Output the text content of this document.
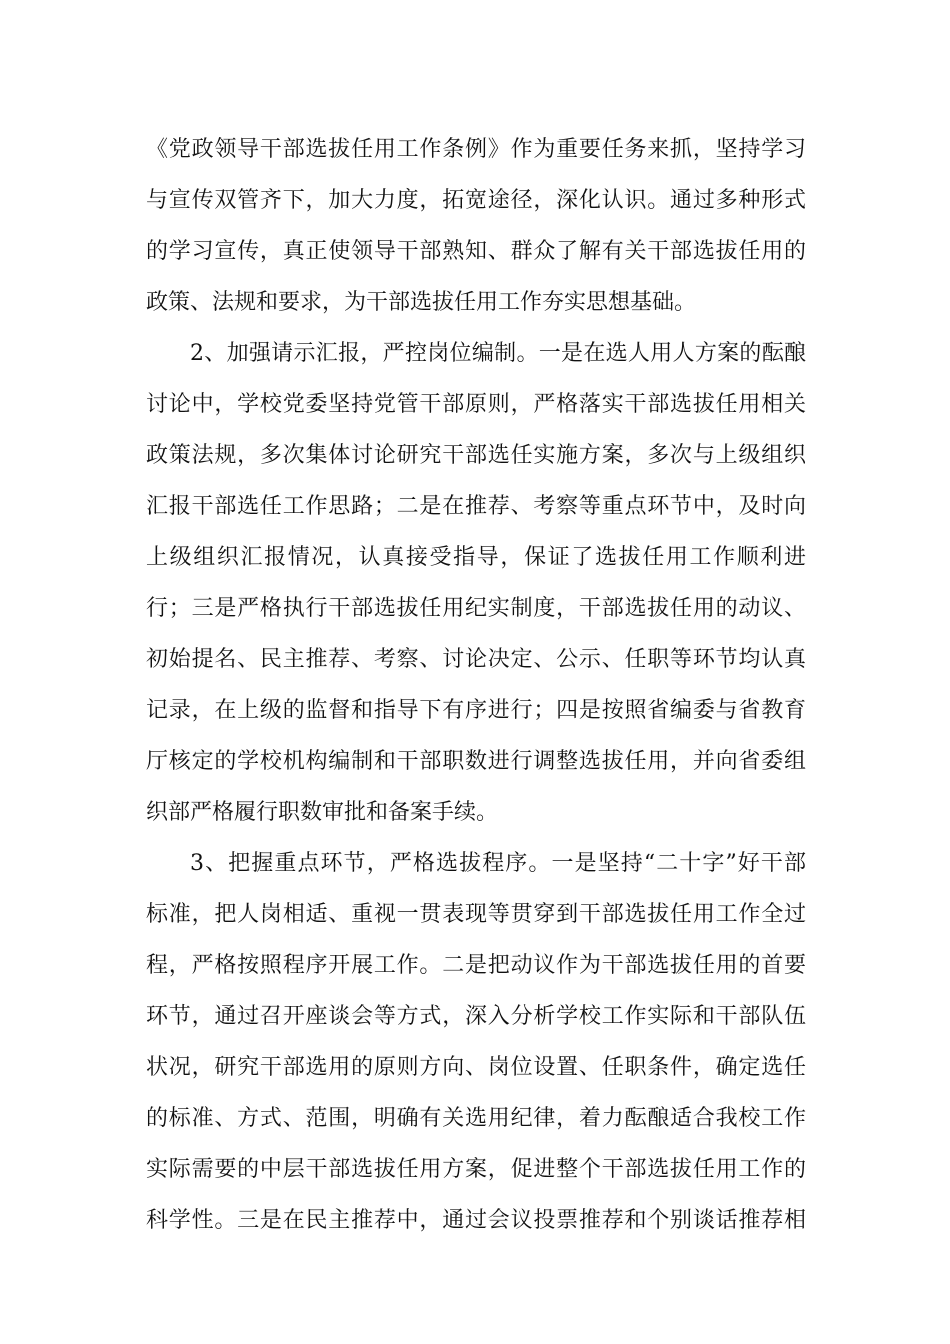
《党政领导干部选拔任用工作条例》作为重要任务来抓，坚持学习
与宣传双管齐下，加大力度，拓宽途径，深化认识。通过多种形式
的学习宣传，真正使领导干部熟知、群众了解有关干部选拔任用的
政策、法规和要求，为干部选拔任用工作夯实思想基础。
2、加强请示汇报，严控岗位编制。一是在选人用人方案的酝酿
讨论中，学校党委坚持党管干部原则，严格落实干部选拔任用相关
政策法规，多次集体讨论研究干部选任实施方案，多次与上级组织
汇报干部选任工作思路；二是在推荐、考察等重点环节中，及时向
上级组织汇报情况，认真接受指导，保证了选拔任用工作顺利进
行；三是严格执行干部选拔任用纪实制度，干部选拔任用的动议、
初始提名、民主推荐、考察、讨论决定、公示、任职等环节均认真
记录，在上级的监督和指导下有序进行；四是按照省编委与省教育
厅核定的学校机构编制和干部职数进行调整选拔任用，并向省委组
织部严格履行职数审批和备案手续。
3、把握重点环节，严格选拔程序。一是坚持“二十字”好干部
标准，把人岗相适、重视一贯表现等贯穿到干部选拔任用工作全过
程，严格按照程序开展工作。二是把动议作为干部选拔任用的首要
环节，通过召开座谈会等方式，深入分析学校工作实际和干部队伍
状况，研究干部选用的原则方向、岗位设置、任职条件，确定选任
的标准、方式、范围，明确有关选用纪律，着力酝酿适合我校工作
实际需要的中层干部选拔任用方案，促进整个干部选拔任用工作的
科学性。三是在民主推荐中，通过会议投票推荐和个别谈话推荐相
